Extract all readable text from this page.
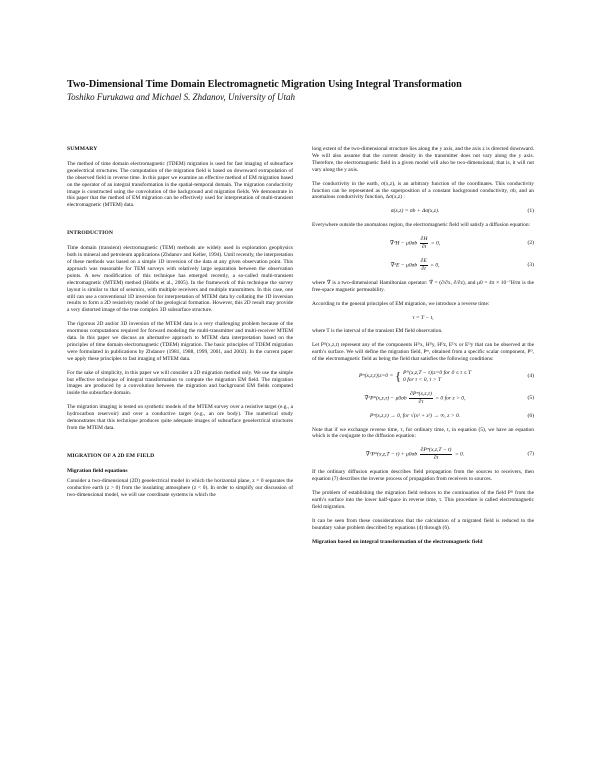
Two-Dimensional Time Domain Electromagnetic Migration Using Integral Transformation
Toshiko Furukawa and Michael S. Zhdanov, University of Utah
SUMMARY

The method of time domain electromagnetic (TDEM) migration is used for fast imaging of subsurface geoelectrical structures. The computation of the migration field is based on downward extrapolation of the observed field in reverse time. In this paper we examine an effective method of EM migration based on the operator of an integral transformation in the spatial-temporal domain. The migration conductivity image is constructed using the convolution of the background and migration fields. We demonstrate in this paper that the method of EM migration can be effectively used for interpretation of multi-transient electromagnetic (MTEM) data.

INTRODUCTION

Time domain (transient) electromagnetic (TEM) methods are widely used in exploration geophysics both in mineral and petroleum applications (Zhdanov and Keller, 1994). Until recently, the interpretation of these methods was based on a simple 1D inversion of the data at any given observation point. This approach was reasonable for TEM surveys with relatively large separation between the observation points. A new modification of this technique has emerged recently, a so-called multi-transient electromagnetic (MTEM) method (Hobbs et al., 2005). In the framework of this technique the survey layout is similar to that of seismics, with multiple receivers and multiple transmitters. In this case, one still can use a conventional 1D inversion for interpretation of MTEM data by collating the 1D inversion results to form a 2D resistivity model of the geological formation. However, this 2D result may provide a very distorted image of the true complex 3D subsurface structure.

The rigorous 2D and/or 3D inversion of the MTEM data is a very challenging problem because of the enormous computations required for forward modeling the multi-transmitter and multi-receiver MTEM data. In this paper we discuss an alternative approach to MTEM data interpretation based on the principles of time domain electromagnetic (TDEM) migration. The basic principles of TDEM migration were formulated in publications by Zhdanov (1981, 1988, 1999, 2001, and 2002). In the current paper we apply these principles to fast imaging of MTEM data.

For the sake of simplicity, in this paper we will consider a 2D migration method only. We use the simple but effective technique of integral transformation to compute the migration EM field. The migration images are produced by a convolution between the migration and background EM fields computed inside the subsurface domain.

The migration imaging is tested on synthetic models of the MTEM survey over a resistive target (e.g., a hydrocarbon reservoir) and over a conductive target (e.g., an ore body). The numerical study demonstrates that this technique produces quite adequate images of subsurface geoelectrical structures from the MTEM data.

MIGRATION OF A 2D EM FIELD
Migration field equations

Consider a two-dimensional (2D) geoelectrical model in which the horizontal plane, z = 0 separates the conductive earth (z > 0) from the insulating atmosphere (z < 0). In order to simplify our discussion of two-dimensional model, we will use coordinate systems in which the

long extent of the two-dimensional structure lies along the y axis, and the axis z is directed downward. We will also assume that the current density in the transmitter does not vary along the y axis. Therefore, the electromagnetic field in a given model will also be two-dimensional; that is, it will not vary along the y axis.

The conductivity in the earth, σ(x,z), is an arbitrary function of the coordinates. This conductivity function can be represented as the superposition of a constant background conductivity, σb, and an anomalous conductivity function, Δσ(x,z) :

σ(x,z) = σb + Δσ(x,z).	(1)

Everywhere outside the anomalous region, the electromagnetic field will satisfy a diffusion equation:

∇̃²H − $\mu 0\sigma b \frac{\partial H}{\partial t} = 0$,	(2)
∇̃²E − $\mu 0\sigma b \frac{\partial E}{\partial t} = 0$,	(3)

where ∇̃ is a two-dimensional Hamiltonian operator: ∇̃ = (∂/∂x, ∂/∂z), and μ0 = 4π × 10⁻⁷H/m is the free-space magnetic permeability.

According to the general principles of EM migration, we introduce a reverse time:

τ = T − t,

where T is the interval of the transient EM field observation.

Let Pᴰ(x,z,t) represent any of the components Hᴰx, Hᴰy, Hᴰz, Eᴰx or Eᴰy that can be observed at the earth’s surface. We will define the migration field, Pᵐ, obtained from a specific scalar component, Pᴰ, of the electromagnetic field as being the field that satisfies the following conditions:

Pᵐ(x,z,τ)|z=0 = { Pᴰ(x,z,T − τ)|z=0 for 0 ≤ τ ≤ T
0 for τ < 0, τ > T
(4)
∇̃²Pᵐ(x,z,τ) − $\mu 0\sigma b \frac{\text{∂Pᵐ(x,z,τ)}}{\partial\tau} = 0$ for z > 0,	(5)
Pᵐ(x,z,τ) → 0, for √(x² + z²) → ∞, z > 0.	(6)

Note that if we exchange reverse time, τ, for ordinary time, t, in equation (5), we have an equation which is the conjugate to the diffusion equation:

∇̃²Pᵐ(x,z,T − $t) + \mu 0\sigma b \frac{\text{∂Pᵐ(x,z,T − t)}}{\partial t} = 0$.	(7)

If the ordinary diffusion equation describes field propagation from the sources to receivers, then equation (7) describes the inverse process of propagation from receivers to sources.

The problem of establishing the migration field reduces to the continuation of the field Pᴰ from the earth’s surface into the lower half-space in reverse time, τ. This procedure is called electromagnetic field migration.

It can be seen from these considerations that the calculation of a migrated field is reduced to the boundary value problem described by equations (4) through (6).

Migration based on integral transformation of the electromagnetic field
